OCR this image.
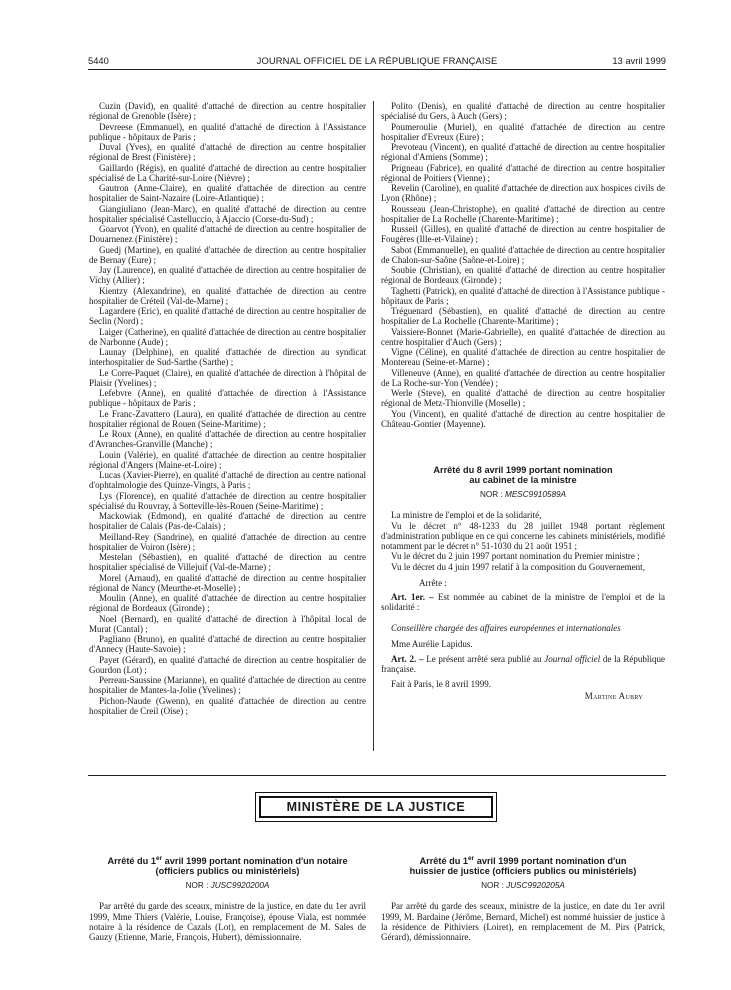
5440	JOURNAL OFFICIEL DE LA RÉPUBLIQUE FRANÇAISE	13 avril 1999

Cuzin (David), en qualité d'attaché de direction au centre hospitalier régional de Grenoble (Isère) ;

Devreese (Emmanuel), en qualité d'attaché de direction à l'Assistance publique - hôpitaux de Paris ;

Duval (Yves), en qualité d'attaché de direction au centre hospitalier régional de Brest (Finistère) ;

Gaillardo (Régis), en qualité d'attaché de direction au centre hospitalier spécialisé de La Charité-sur-Loire (Nièvre) ;

Gautron (Anne-Claire), en qualité d'attachée de direction au centre hospitalier de Saint-Nazaire (Loire-Atlantique) ;

Giangiuliano (Jean-Marc), en qualité d'attaché de direction au centre hospitalier spécialisé Castelluccio, à Ajaccio (Corse-du-Sud) ;

Goarvot (Yvon), en qualité d'attaché de direction au centre hospitalier de Douarnenez (Finistère) ;

Guedj (Martine), en qualité d'attachée de direction au centre hospitalier de Bernay (Eure) ;

Jay (Laurence), en qualité d'attachée de direction au centre hospitalier de Vichy (Allier) ;

Kientzy (Alexandrine), en qualité d'attachée de direction au centre hospitalier de Créteil (Val-de-Marne) ;

Lagardere (Eric), en qualité d'attaché de direction au centre hospitalier de Seclin (Nord) ;

Laiger (Catherine), en qualité d'attachée de direction au centre hospitalier de Narbonne (Aude) ;

Launay (Delphine), en qualité d'attachée de direction au syndicat interhospitalier de Sud-Sarthe (Sarthe) ;

Le Corre-Paquet (Claire), en qualité d'attachée de direction à l'hôpital de Plaisir (Yvelines) ;

Lefebvre (Anne), en qualité d'attachée de direction à l'Assistance publique - hôpitaux de Paris ;

Le Franc-Zavattero (Laura), en qualité d'attachée de direction au centre hospitalier régional de Rouen (Seine-Maritime) ;

Le Roux (Anne), en qualité d'attachée de direction au centre hospitalier d'Avranches-Granville (Manche) ;

Louin (Valérie), en qualité d'attachée de direction au centre hospitalier régional d'Angers (Maine-et-Loire) ;

Lucas (Xavier-Pierre), en qualité d'attaché de direction au centre national d'ophtalmologie des Quinze-Vingts, à Paris ;

Lys (Florence), en qualité d'attachée de direction au centre hospitalier spécialisé du Rouvray, à Sotteville-lès-Rouen (Seine-Maritime) ;

Mackowiak (Edmond), en qualité d'attaché de direction au centre hospitalier de Calais (Pas-de-Calais) ;

Meilland-Rey (Sandrine), en qualité d'attachée de direction au centre hospitalier de Voiron (Isère) ;

Mestelan (Sébastien), en qualité d'attaché de direction au centre hospitalier spécialisé de Villejuif (Val-de-Marne) ;

Morel (Arnaud), en qualité d'attaché de direction au centre hospitalier régional de Nancy (Meurthe-et-Moselle) ;

Moulin (Anne), en qualité d'attachée de direction au centre hospitalier régional de Bordeaux (Gironde) ;

Noel (Bernard), en qualité d'attaché de direction à l'hôpital local de Murat (Cantal) ;

Pagliano (Bruno), en qualité d'attaché de direction au centre hospitalier d'Annecy (Haute-Savoie) ;

Payet (Gérard), en qualité d'attaché de direction au centre hospitalier de Gourdon (Lot) ;

Perreau-Saussine (Marianne), en qualité d'attachée de direction au centre hospitalier de Mantes-la-Jolie (Yvelines) ;

Pichon-Naude (Gwenn), en qualité d'attachée de direction au centre hospitalier de Creil (Oise) ;

Polito (Denis), en qualité d'attaché de direction au centre hospitalier spécialisé du Gers, à Auch (Gers) ;

Poumeroulie (Muriel), en qualité d'attachée de direction au centre hospitalier d'Evreux (Eure) ;

Prevoteau (Vincent), en qualité d'attaché de direction au centre hospitalier régional d'Amiens (Somme) ;

Prigneau (Fabrice), en qualité d'attaché de direction au centre hospitalier régional de Poitiers (Vienne) ;

Revelin (Caroline), en qualité d'attachée de direction aux hospices civils de Lyon (Rhône) ;

Rousseau (Jean-Christophe), en qualité d'attaché de direction au centre hospitalier de La Rochelle (Charente-Maritime) ;

Russeil (Gilles), en qualité d'attaché de direction au centre hospitalier de Fougères (Ille-et-Vilaine) ;

Sabot (Emmanuelle), en qualité d'attachée de direction au centre hospitalier de Chalon-sur-Saône (Saône-et-Loire) ;

Soubie (Christian), en qualité d'attaché de direction au centre hospitalier régional de Bordeaux (Gironde) ;

Taghetti (Patrick), en qualité d'attaché de direction à l'Assistance publique - hôpitaux de Paris ;

Tréguenard (Sébastien), en qualité d'attaché de direction au centre hospitalier de La Rochelle (Charente-Maritime) ;

Vaissiere-Bonnet (Marie-Gabrielle), en qualité d'attachée de direction au centre hospitalier d'Auch (Gers) ;

Vigne (Céline), en qualité d'attachée de direction au centre hospitalier de Montereau (Seine-et-Marne) ;

Villeneuve (Anne), en qualité d'attachée de direction au centre hospitalier de La Roche-sur-Yon (Vendée) ;

Werle (Steve), en qualité d'attaché de direction au centre hospitalier régional de Metz-Thionville (Moselle) ;

You (Vincent), en qualité d'attaché de direction au centre hospitalier de Château-Gontier (Mayenne).

Arrêté du 8 avril 1999 portant nomination
au cabinet de la ministre

NOR : MESC9910589A

La ministre de l'emploi et de la solidarité,

Vu le décret n° 48-1233 du 28 juillet 1948 portant règlement d'administration publique en ce qui concerne les cabinets ministériels, modifié notamment par le décret n° 51-1030 du 21 août 1951 ;

Vu le décret du 2 juin 1997 portant nomination du Premier ministre ;

Vu le décret du 4 juin 1997 relatif à la composition du Gouvernement,

Arrête :

Art. 1er. – Est nommée au cabinet de la ministre de l'emploi et de la solidarité :

Conseillère chargée des affaires européennes et internationales

Mme Aurélie Lapidus.

Art. 2. – Le présent arrêté sera publié au Journal officiel de la République française.

Fait à Paris, le 8 avril 1999.

Martine Aubry

MINISTÈRE DE LA JUSTICE

Arrêté du 1er avril 1999 portant nomination d'un notaire
(officiers publics ou ministériels)

NOR : JUSC9920200A

Par arrêté du garde des sceaux, ministre de la justice, en date du 1er avril 1999, Mme Thiers (Valérie, Louise, Françoise), épouse Viala, est nommée notaire à la résidence de Cazals (Lot), en remplacement de M. Sales de Gauzy (Etienne, Marie, François, Hubert), démissionnaire.

Arrêté du 1er avril 1999 portant nomination d'un
huissier de justice (officiers publics ou ministériels)

NOR : JUSC9920205A

Par arrêté du garde des sceaux, ministre de la justice, en date du 1er avril 1999, M. Bardaine (Jérôme, Bernard, Michel) est nommé huissier de justice à la résidence de Pithiviers (Loiret), en remplacement de M. Pirs (Patrick, Gérard), démissionnaire.
